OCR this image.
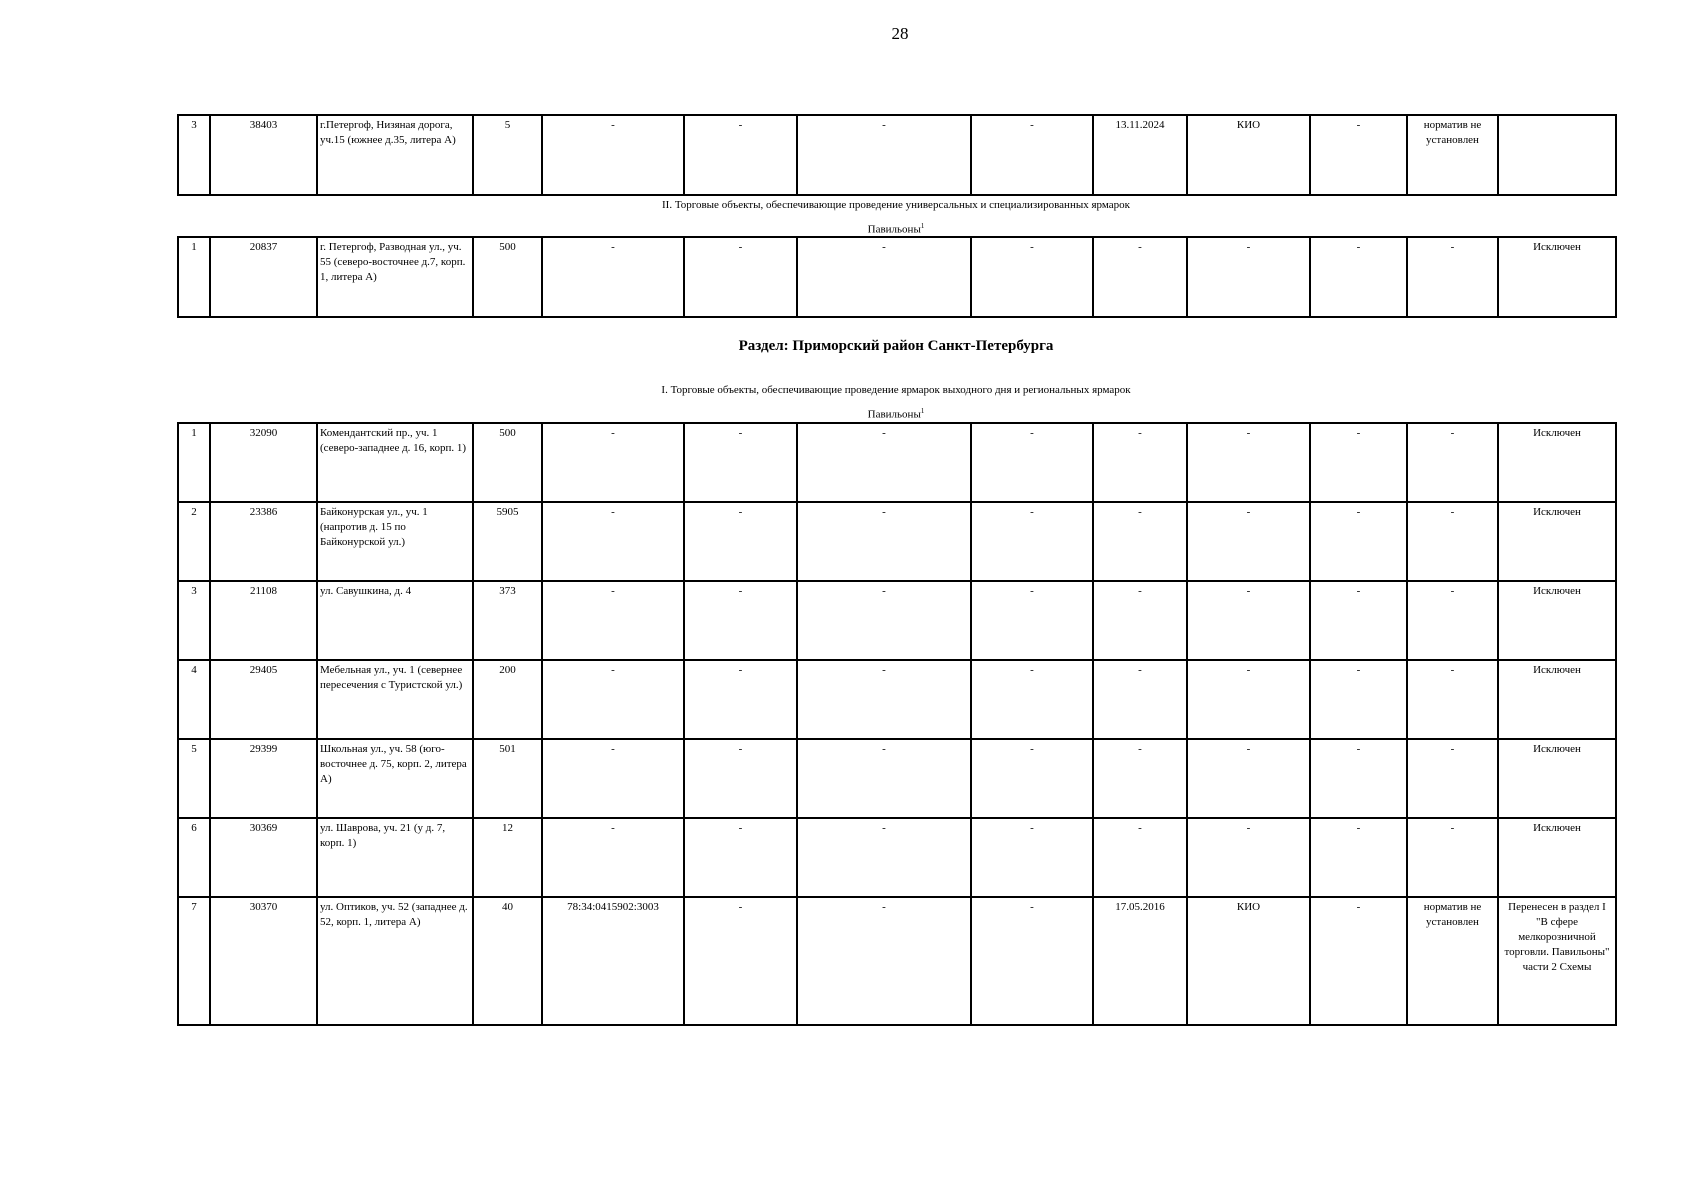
28
3	38403	г.Петергоф, Низяная дорога, уч.15 (южнее д.35, литера А)	5	-	-	-	-	13.11.2024	КИО	-	норматив не установлен	
II. Торговые объекты, обеспечивающие проведение универсальных и специализированных ярмарок
Павильоны$^1$
1	20837	г. Петергоф, Разводная ул., уч. 55 (северо-восточнее д.7, корп. 1, литера А)	500	-	-	-	-	-	-	-	-	Исключен
Раздел: Приморский район Санкт-Петербурга
I. Торговые объекты, обеспечивающие проведение ярмарок выходного дня и региональных ярмарок
Павильоны$^1$
1	32090	Комендантский пр., уч. 1 (северо-западнее д. 16, корп. 1)	500	-	-	-	-	-	-	-	-	Исключен
2	23386	Байконурская ул., уч. 1 (напротив д. 15 по Байконурской ул.)	5905	-	-	-	-	-	-	-	-	Исключен
3	21108	ул. Савушкина, д. 4	373	-	-	-	-	-	-	-	-	Исключен
4	29405	Мебельная ул., уч. 1 (севернее пересечения с Туристской ул.)	200	-	-	-	-	-	-	-	-	Исключен
5	29399	Школьная ул., уч. 58 (юго-восточнее д. 75, корп. 2, литера А)	501	-	-	-	-	-	-	-	-	Исключен
6	30369	ул. Шаврова, уч. 21 (у д. 7, корп. 1)	12	-	-	-	-	-	-	-	-	Исключен
7	30370	ул. Оптиков, уч. 52 (западнее д. 52, корп. 1, литера А)	40	78:34:0415902:3003	-	-	-	17.05.2016	КИО	-	норматив не установлен	Перенесен в раздел I "В сфере мелкорозничной торговли. Павильоны" части 2 Схемы
